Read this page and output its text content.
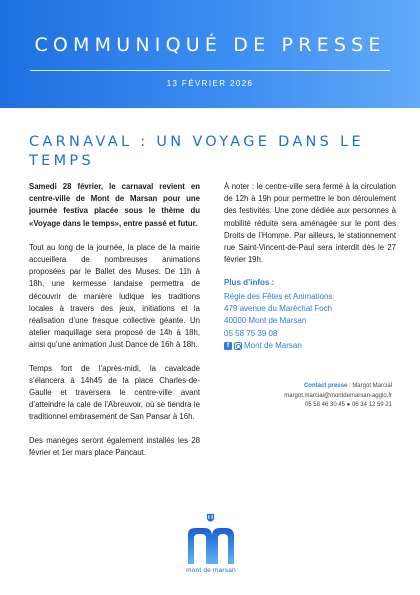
COMMUNIQUÉ DE PRESSE
13 FÉVRIER 2026
CARNAVAL : UN VOYAGE DANS LE TEMPS

Samedi 28 février, le carnaval revient en centre-ville de Mont de Marsan pour une journée festiva placée sous le thème du «Voyage dans le temps», entre passé et futur.

Tout au long de la journée, la place de la mairie accueillera de nombreuses animations proposées par le Ballet des Muses. De 11h à 18h, une kermesse landaise permettra de découvrir de manière ludique les traditions locales à travers des jeux, initiations et la réalisation d’une fresque collective géante. Un atelier maquillage sera proposé de 14h à 18h, ainsi qu’une animation Just Dance de 16h à 18h.

Temps fort de l’après-midi, la cavalcade s’élancera à 14h45 de la place Charles-de-Gaulle et traversera le centre-ville avant d’atteindre la cale de l’Abreuvoir, où se tiendra le traditionnel embrasement de San Pansar à 16h.

Des manèges seront également installés les 28 février et 1er mars place Pancaut.

À noter : le centre-ville sera fermé à la circulation de 12h à 19h pour permettre le bon déroulement des festivités. Une zone dédiée aux personnes à mobilité réduite sera aménagée sur le pont des Droits de l’Homme. Par ailleurs, le stationnement rue Saint-Vincent-de-Paul sera interdit dès le 27 février 19h.

Plus d’infos :

Régie des Fêtes et Animations

479 avenue du Maréchal Foch

40000 Mont de Marsan

05 58 75 39 08

f	Mont de Marsan

Contact presse : Margot Marcial
margot.marcial@montdemarsan-agglo.fr
05 58 46 30 45 ● 06 34 12 59 21
mont de marsan
